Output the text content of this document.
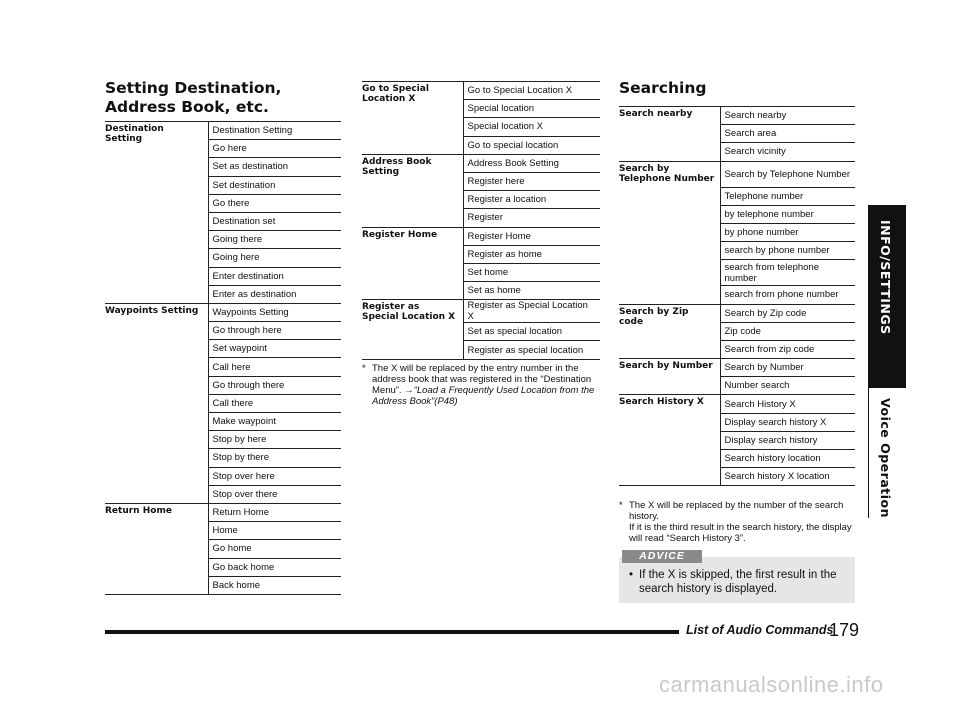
Setting Destination, Address Book, etc.
Destination Setting	Destination Setting
	Go here
	Set as destination
	Set destination
	Go there
	Destination set
	Going there
	Going here
	Enter destination
	Enter as destination
Waypoints Setting	Waypoints Setting
	Go through here
	Set waypoint
	Call here
	Go through there
	Call there
	Make waypoint
	Stop by here
	Stop by there
	Stop over here
	Stop over there
Return Home	Return Home
	Home
	Go home
	Go back home
	Back home
Go to Special Location X	Go to Special Location X
	Special location
	Special location X
	Go to special location
Address Book Setting	Address Book Setting
	Register here
	Register a location
	Register
Register Home	Register Home
	Register as home
	Set home
	Set as home
Register as Special Location X	Register as Special Location X
	Set as special location
	Register as special location
* The X will be replaced by the entry number in the address book that was registered in the “Destination Menu”. →“Load a Frequently Used Location from the Address Book”(P48)
Searching
Search nearby	Search nearby
	Search area
	Search vicinity
Search by Telephone Number	Search by Telephone Number
	Telephone number
	by telephone number
	by phone number
	search by phone number
	search from telephone number
	search from phone number
Search by Zip code	Search by Zip code
	Zip code
	Search from zip code
Search by Number	Search by Number
	Number search
Search History X	Search History X
	Display search history X
	Display search history
	Search history location
	Search history X location
* The X will be replaced by the number of the search history.
If it is the third result in the search history, the display will read “Search History 3”.
• If the X is skipped, the first result in the search history is displayed.
ADVICE
INFO/SETTINGS
Voice Operation
List of Audio Commands
179
carmanualsonline.info
